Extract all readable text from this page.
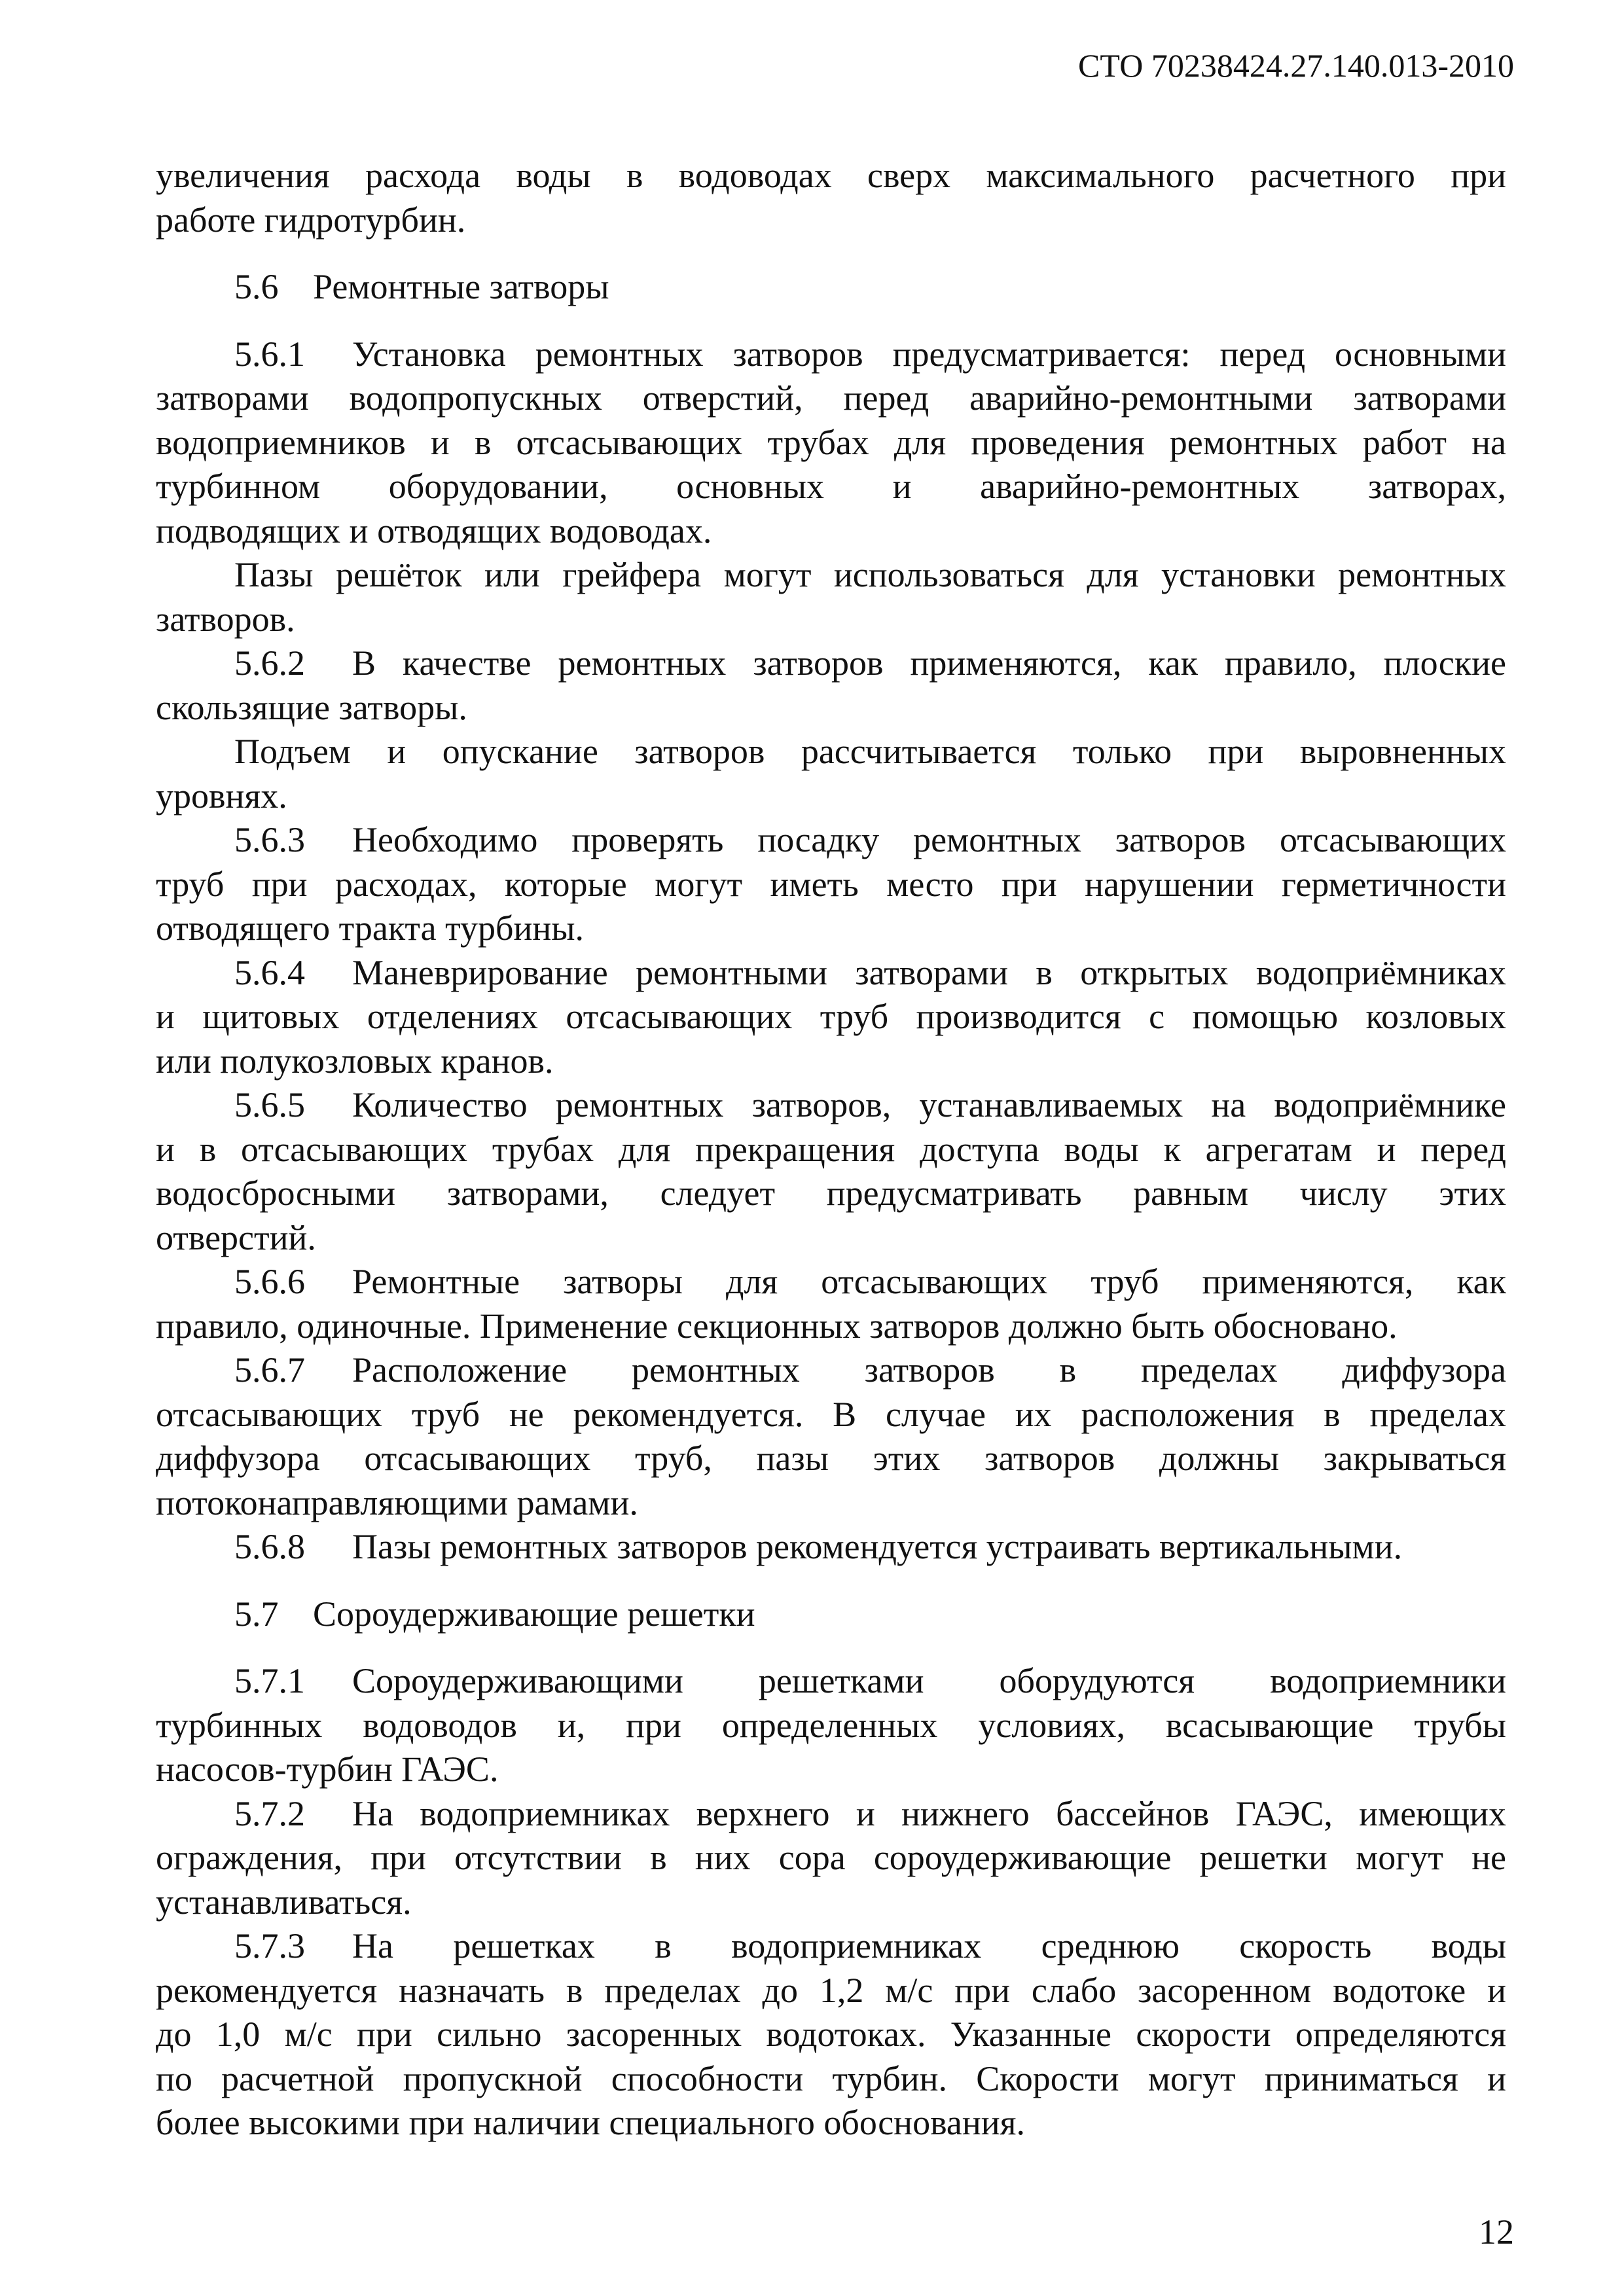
СТО 70238424.27.140.013-2010

увеличения расхода воды в водоводах сверх максимального расчетного при

работе гидротурбин.

5.6 Ремонтные затворы

5.6.1 Установка ремонтных затворов предусматривается: перед основными

затворами водопропускных отверстий, перед аварийно-ремонтными затворами

водоприемников и в отсасывающих трубах для проведения ремонтных работ на

турбинном оборудовании, основных и аварийно-ремонтных затворах,

подводящих и отводящих водоводах.

Пазы решёток или грейфера могут использоваться для установки ремонтных

затворов.

5.6.2 В качестве ремонтных затворов применяются, как правило, плоские

скользящие затворы.

Подъем и опускание затворов рассчитывается только при выровненных

уровнях.

5.6.3 Необходимо проверять посадку ремонтных затворов отсасывающих

труб при расходах, которые могут иметь место при нарушении герметичности

отводящего тракта турбины.

5.6.4 Маневрирование ремонтными затворами в открытых водоприёмниках

и щитовых отделениях отсасывающих труб производится с помощью козловых

или полукозловых кранов.

5.6.5 Количество ремонтных затворов, устанавливаемых на водоприёмнике

и в отсасывающих трубах для прекращения доступа воды к агрегатам и перед

водосбросными затворами, следует предусматривать равным числу этих

отверстий.

5.6.6 Ремонтные затворы для отсасывающих труб применяются, как

правило, одиночные. Применение секционных затворов должно быть обосновано.

5.6.7 Расположение ремонтных затворов в пределах диффузора

отсасывающих труб не рекомендуется. В случае их расположения в пределах

диффузора отсасывающих труб, пазы этих затворов должны закрываться

потоконаправляющими рамами.

5.6.8 Пазы ремонтных затворов рекомендуется устраивать вертикальными.

5.7 Сороудерживающие решетки

5.7.1 Сороудерживающими решетками оборудуются водоприемники

турбинных водоводов и, при определенных условиях, всасывающие трубы

насосов-турбин ГАЭС.

5.7.2 На водоприемниках верхнего и нижнего бассейнов ГАЭС, имеющих

ограждения, при отсутствии в них сора сороудерживающие решетки могут не

устанавливаться.

5.7.3 На решетках в водоприемниках среднюю скорость воды

рекомендуется назначать в пределах до 1,2 м/с при слабо засоренном водотоке и

до 1,0 м/с при сильно засоренных водотоках. Указанные скорости определяются

по расчетной пропускной способности турбин. Скорости могут приниматься и

более высокими при наличии специального обоснования.

12
